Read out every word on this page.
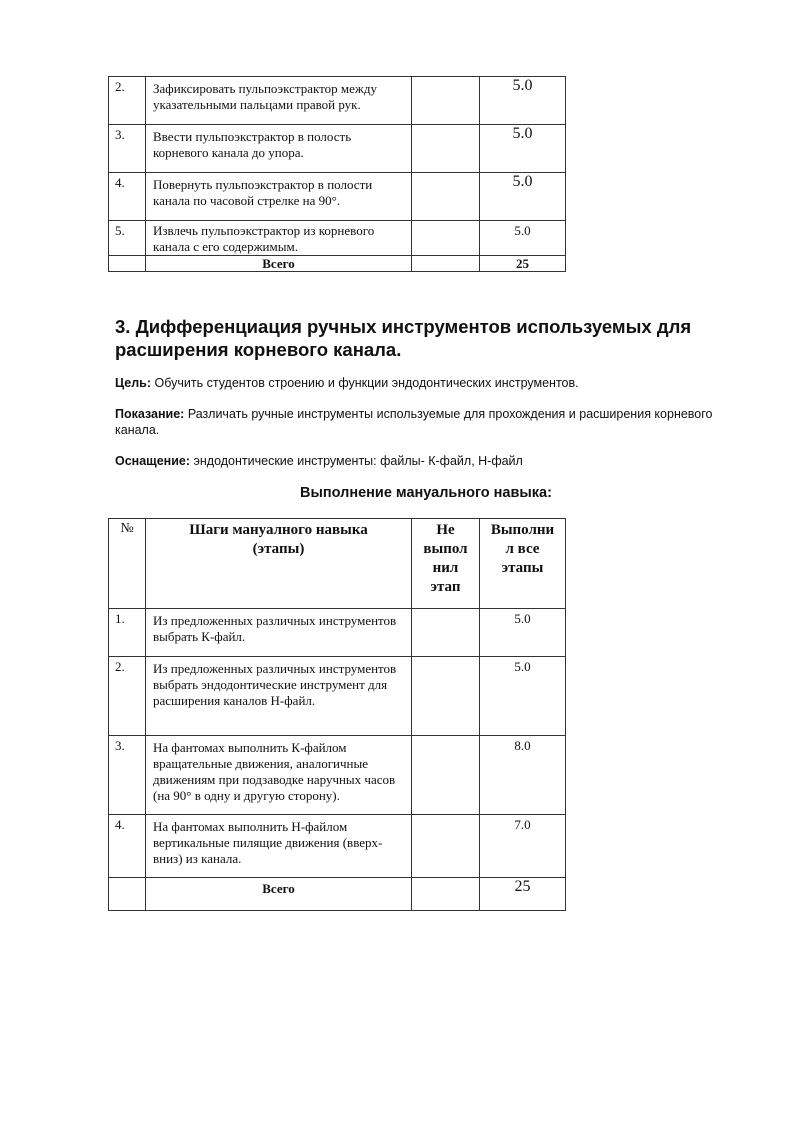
2.	Зафиксировать пульпоэкстрактор между указательными пальцами правой рук.		5.0
3.	Ввести пульпоэкстрактор в полость корневого канала до упора.		5.0
4.	Повернуть пульпоэкстрактор в полости канала по часовой стрелке на 90°.		5.0
5.	Извлечь пульпоэкстрактор из корневого канала с его содержимым.		5.0
	Всего		25
3. Дифференциация ручных инструментов используемых для расширения корневого канала.

Цель: Обучить студентов строению и функции эндодонтических инструментов.

Показание: Различать ручные инструменты используемые для прохождения и расширения корневого канала.

Оснащение: эндодонтические инструменты: файлы- К-файл, Н-файл

Выполнение мануального навыка:

№	Шаги мануалного навыка (этапы)	Не выпол нил этап	Выполни л все этапы
1.	Из предложенных различных инструментов выбрать К-файл.		5.0
2.	Из предложенных различных инструментов выбрать эндодонтические инструмент для расширения каналов Н-файл.		5.0
3.	На фантомах выполнить К-файлом вращательные движения, аналогичные движениям при подзаводке наручных часов (на 90° в одну и другую сторону).		8.0
4.	На фантомах выполнить Н-файлом вертикальные пилящие движения (вверх-вниз) из канала.		7.0
	Всего		25
